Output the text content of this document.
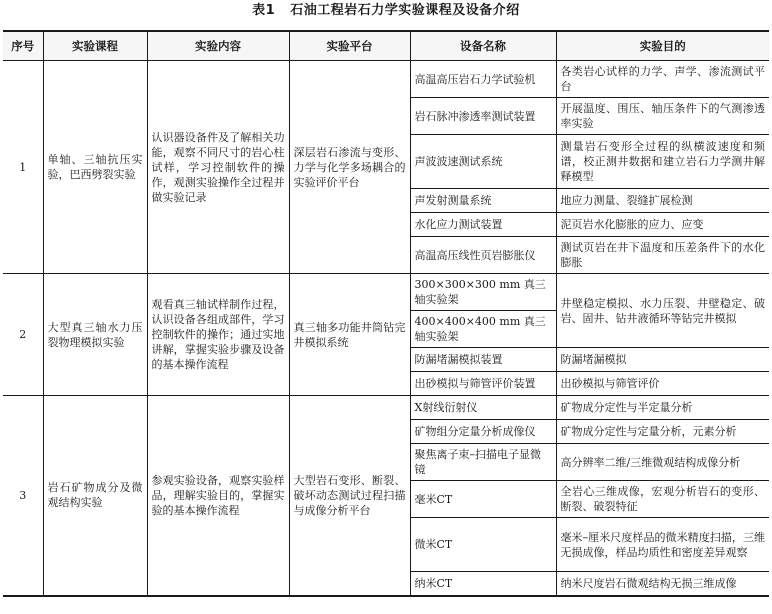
表1 石油工程岩石力学实验课程及设备介绍
序号	实验课程	实验内容	实验平台	设备名称	实验目的
1	单轴、三轴抗压实验，巴西劈裂实验	认识器设备件及了解相关功能，观察不同尺寸的岩心柱试样，学习控制软件的操作，观测实验操作全过程并做实验记录	深层岩石渗流与变形、力学与化学多场耦合的实验评价平台	高温高压岩石力学试验机	各类岩心试样的力学、声学、渗流测试平台
				岩石脉冲渗透率测试装置	开展温度、围压、轴压条件下的气测渗透率实验
				声波波速测试系统	测量岩石变形全过程的纵横波速度和频谱，校正测井数据和建立岩石力学测井解释模型
				声发射测量系统	地应力测量、裂缝扩展检测
				水化应力测试装置	泥页岩水化膨胀的应力、应变
				高温高压线性页岩膨胀仪	测试页岩在井下温度和压差条件下的水化膨胀
2	大型真三轴水力压裂物理模拟实验	观看真三轴试样制作过程，认识设备各组成部件，学习控制软件的操作；通过实地讲解，掌握实验步骤及设备的基本操作流程	真三轴多功能井筒钻完井模拟系统	300×300×300 mm 真三轴实验架	井壁稳定模拟、水力压裂、井壁稳定、破岩、固井、钻井液循环等钻完井模拟
				400×400×400 mm 真三轴实验架	
				防漏堵漏模拟装置	防漏堵漏模拟
				出砂模拟与筛管评价装置	出砂模拟与筛管评价
3	岩石矿物成分及微观结构实验	参观实验设备，观察实验样品，理解实验目的，掌握实验的基本操作流程	大型岩石变形、断裂、破坏动态测试过程扫描与成像分析平台	X射线衍射仪	矿物成分定性与半定量分析
				矿物组分定量分析成像仪	矿物成分定性与定量分析，元素分析
				聚焦离子束–扫描电子显微镜	高分辨率二维/三维微观结构成像分析
				毫米CT	全岩心三维成像，宏观分析岩石的变形、断裂、破裂特征
				微米CT	毫米–厘米尺度样品的微米精度扫描，三维无损成像，样品均质性和密度差异观察
				纳米CT	纳米尺度岩石微观结构无损三维成像
